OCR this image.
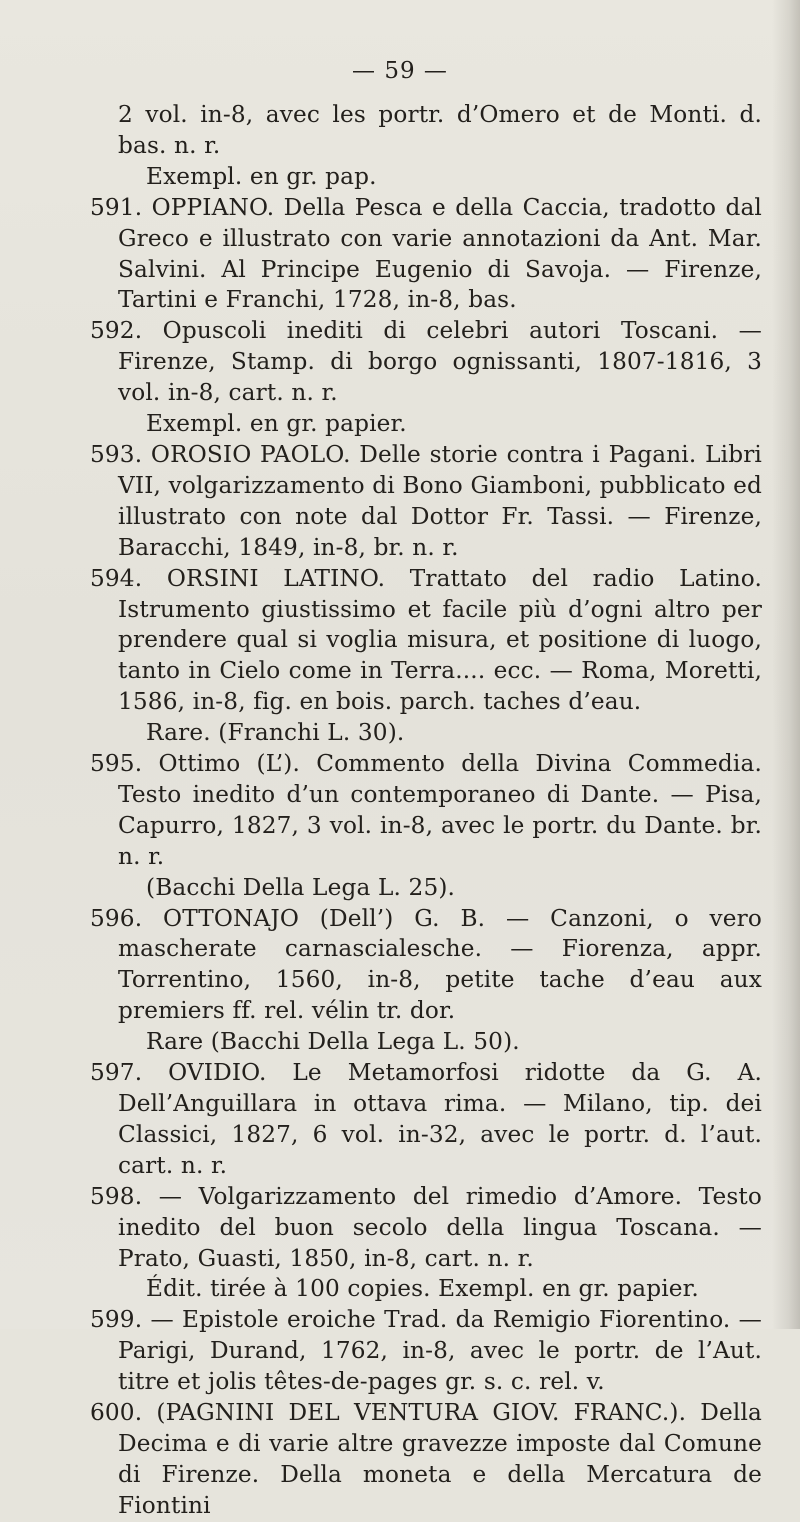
— 59 —

2 vol. in-8, avec les portr. d’Omero et de Monti. d. bas. n. r.

Exempl. en gr. pap.

591. OPPIANO. Della Pesca e della Caccia, tradotto dal Greco e illustrato con varie annotazioni da Ant. Mar. Salvini. Al Principe Eugenio di Savoja. — Firenze, Tartini e Franchi, 1728, in-8, bas.

592. Opuscoli inediti di celebri autori Toscani. — Firenze, Stamp. di borgo ognissanti, 1807-1816, 3 vol. in-8, cart. n. r.

Exempl. en gr. papier.

593. OROSIO PAOLO. Delle storie contra i Pagani. Libri VII, volgarizzamento di Bono Giamboni, pubblicato ed illustrato con note dal Dottor Fr. Tassi. — Firenze, Baracchi, 1849, in-8, br. n. r.

594. ORSINI LATINO. Trattato del radio Latino. Istrumento giustissimo et facile più d’ogni altro per prendere qual si voglia misura, et positione di luogo, tanto in Cielo come in Terra.... ecc. — Roma, Moretti, 1586, in-8, fig. en bois. parch. taches d’eau.

Rare. (Franchi L. 30).

595. Ottimo (L’). Commento della Divina Commedia. Testo inedito d’un contemporaneo di Dante. — Pisa, Capurro, 1827, 3 vol. in-8, avec le portr. du Dante. br. n. r.

(Bacchi Della Lega L. 25).

596. OTTONAJO (Dell’) G. B. — Canzoni, o vero mascherate carnascialesche. — Fiorenza, appr. Torrentino, 1560, in-8, petite tache d’eau aux premiers ff. rel. vélin tr. dor.

Rare (Bacchi Della Lega L. 50).

597. OVIDIO. Le Metamorfosi ridotte da G. A. Dell’Anguillara in ottava rima. — Milano, tip. dei Classici, 1827, 6 vol. in-32, avec le portr. d. l’aut. cart. n. r.

598. — Volgarizzamento del rimedio d’Amore. Testo inedito del buon secolo della lingua Toscana. — Prato, Guasti, 1850, in-8, cart. n. r.

Édit. tirée à 100 copies. Exempl. en gr. papier.

599. — Epistole eroiche Trad. da Remigio Fiorentino. — Parigi, Durand, 1762, in-8, avec le portr. de l’Aut. titre et jolis têtes-de-pages gr. s. c. rel. v.

600. (PAGNINI DEL VENTURA GIOV. FRANC.). Della Decima e di varie altre gravezze imposte dal Comune di Firenze. Della moneta e della Mercatura de Fiontini
